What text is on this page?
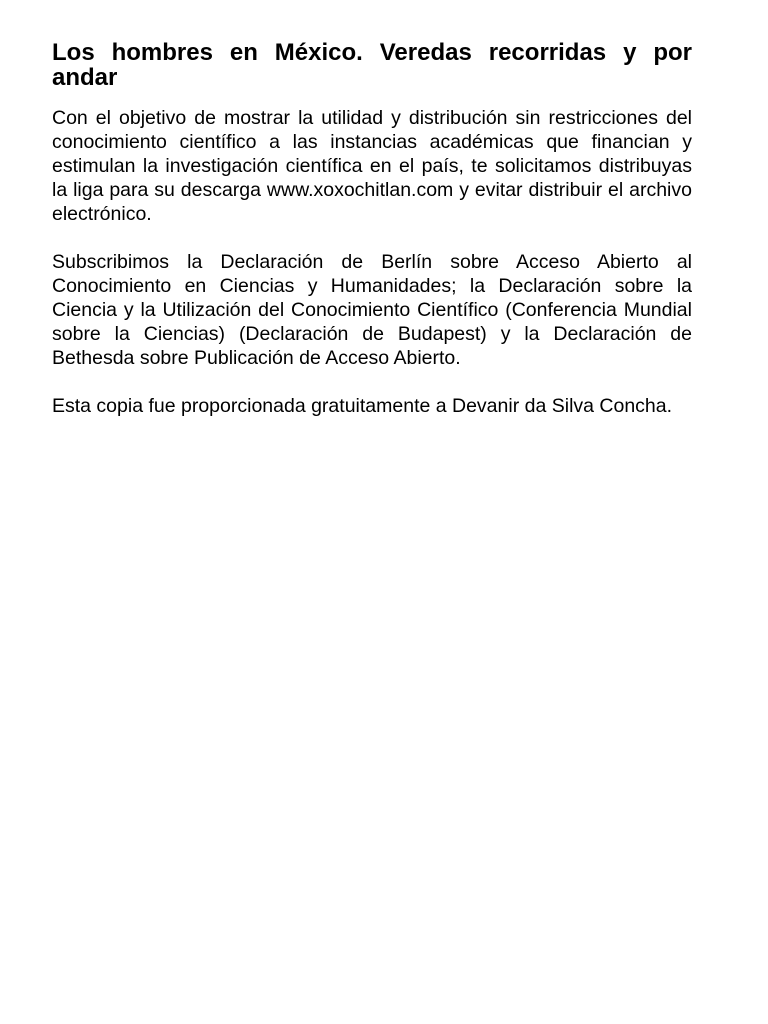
Los hombres en México. Veredas recorridas y por andar

Con el objetivo de mostrar la utilidad y distribución sin restricciones del conocimiento científico a las instancias académicas que financian y estimulan la investigación científica en el país, te solicitamos distribuyas la liga para su descarga www.xoxochitlan.com y evitar distribuir el archivo electrónico.

Subscribimos la Declaración de Berlín sobre Acceso Abierto al Conocimiento en Ciencias y Humanidades; la Declaración sobre la Ciencia y la Utilización del Conocimiento Científico (Conferencia Mundial sobre la Ciencias) (Declaración de Budapest) y la Declaración de Bethesda sobre Publicación de Acceso Abierto.

Esta copia fue proporcionada gratuitamente a Devanir da Silva Concha.
